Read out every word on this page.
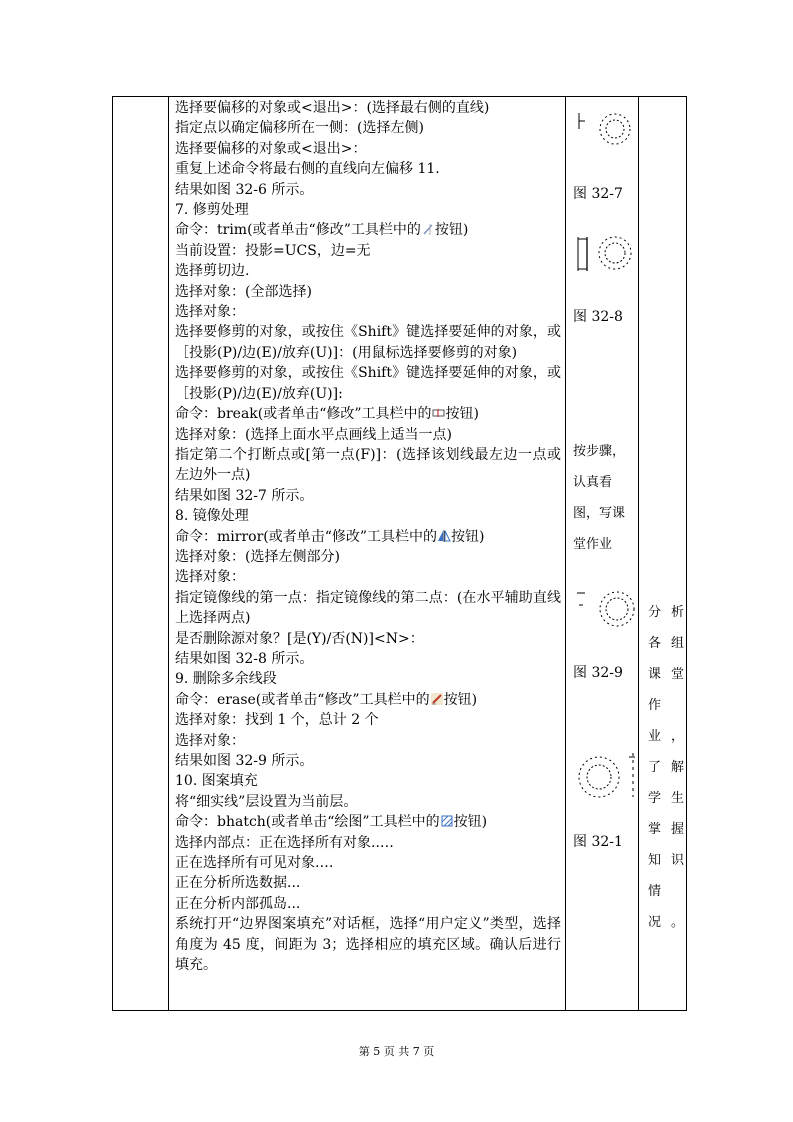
选择要偏移的对象或<退出>：(选择最右侧的直线)
指定点以确定偏移所在一侧：(选择左侧)
选择要偏移的对象或<退出>：
重复上述命令将最右侧的直线向左偏移 11.
结果如图 32-6 所示。
7. 修剪处理
命令：trim(或者单击“修改”工具栏中的 按钮)
当前设置：投影=UCS，边=无
选择剪切边.
选择对象：(全部选择)
选择对象：
选择要修剪的对象，或按住《Shift》键选择要延伸的对象，或［投影(P)/边(E)/放弃(U)]：(用鼠标选择要修剪的对象)
选择要修剪的对象，或按住《Shift》键选择要延伸的对象，或［投影(P)/边(E)/放弃(U)]:
命令：break(或者单击“修改”工具栏中的 按钮)
选择对象：(选择上面水平点画线上适当一点)
指定第二个打断点或[第一点(F)]：(选择该划线最左边一点或左边外一点)
结果如图 32-7 所示。
8. 镜像处理
命令：mirror(或者单击“修改”工具栏中的 按钮)
选择对象：(选择左侧部分)
选择对象：
指定镜像线的第一点：指定镜像线的第二点：(在水平辅助直线上选择两点)
是否删除源对象？[是(Y)/否(N)]<N>：
结果如图 32-8 所示。
9. 删除多余线段
命令：erase(或者单击“修改”工具栏中的 按钮)
选择对象：找到 1 个，总计 2 个
选择对象：
结果如图 32-9 所示。
10. 图案填充
将“细实线”层设置为当前层。
命令：bhatch(或者单击“绘图”工具栏中的 按钮)
选择内部点：正在选择所有对象..…
正在选择所有可见对象.…
正在分析所选数据...
正在分析内部孤岛...
系统打开“边界图案填充”对话框，选择“用户定义”类型，选择角度为 45 度，间距为 3；选择相应的填充区域。确认后进行填充。
图 32-7
图 32-8
按步骤，认真看图，写课堂作业
图 32-9
图 32-1
分析各组课堂作业，了解学生掌握知识情况。
第 5 页 共 7 页
